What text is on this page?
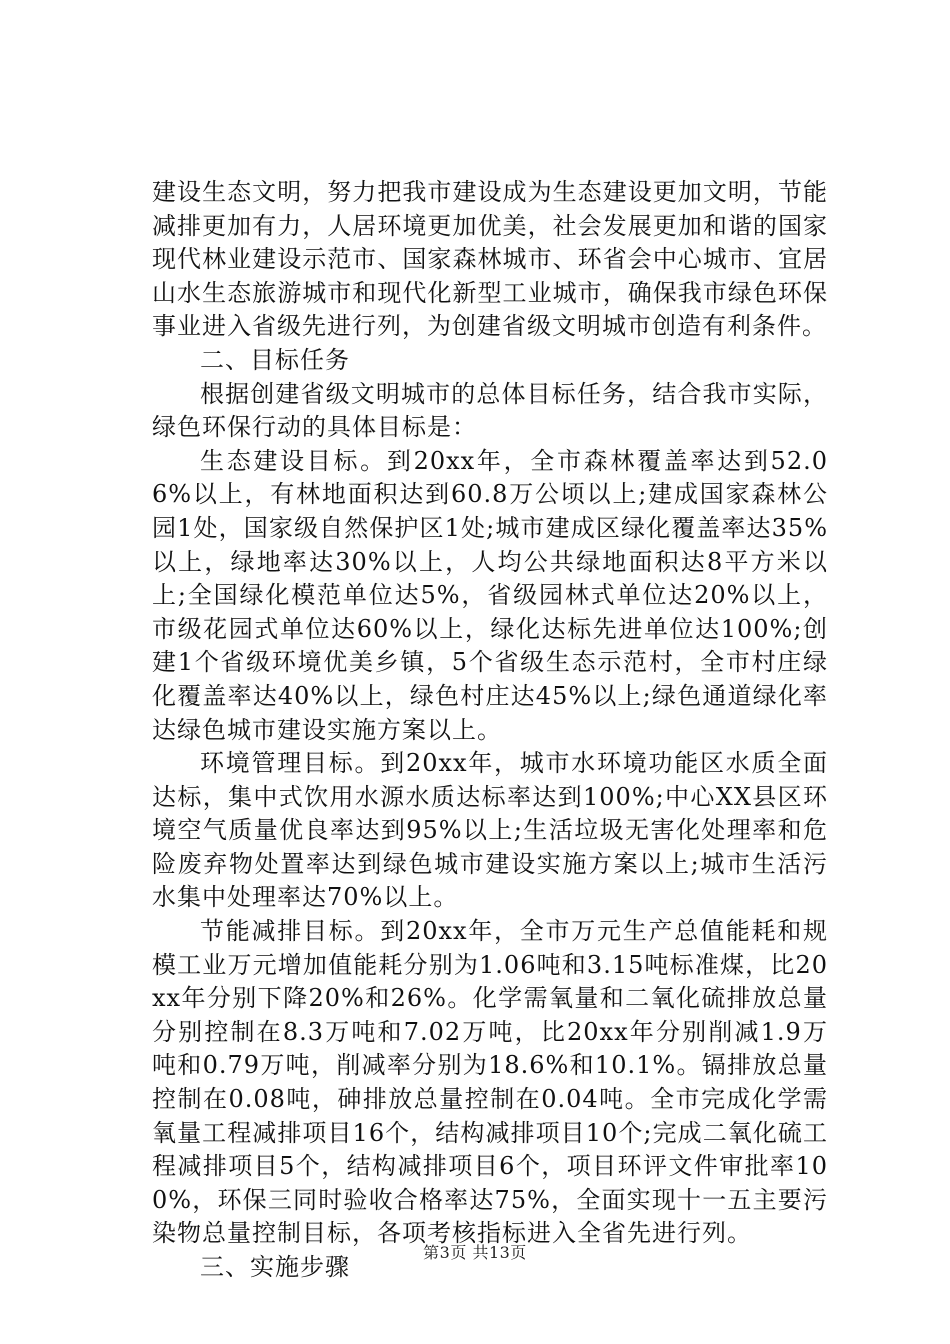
建设生态文明，努力把我市建设成为生态建设更加文明，节能减排更加有力，人居环境更加优美，社会发展更加和谐的国家现代林业建设示范市、国家森林城市、环省会中心城市、宜居山水生态旅游城市和现代化新型工业城市，确保我市绿色环保事业进入省级先进行列，为创建省级文明城市创造有利条件。

二、目标任务

根据创建省级文明城市的总体目标任务，结合我市实际，绿色环保行动的具体目标是：

生态建设目标。到20xx年，全市森林覆盖率达到52.06%以上，有林地面积达到60.8万公顷以上;建成国家森林公园1处，国家级自然保护区1处;城市建成区绿化覆盖率达35%以上，绿地率达30%以上，人均公共绿地面积达8平方米以上;全国绿化模范单位达5%，省级园林式单位达20%以上，市级花园式单位达60%以上，绿化达标先进单位达100%;创建1个省级环境优美乡镇，5个省级生态示范村，全市村庄绿化覆盖率达40%以上，绿色村庄达45%以上;绿色通道绿化率达绿色城市建设实施方案以上。

环境管理目标。到20xx年，城市水环境功能区水质全面达标，集中式饮用水源水质达标率达到100%;中心XX县区环境空气质量优良率达到95%以上;生活垃圾无害化处理率和危险废弃物处置率达到绿色城市建设实施方案以上;城市生活污水集中处理率达70%以上。

节能减排目标。到20xx年，全市万元生产总值能耗和规模工业万元增加值能耗分别为1.06吨和3.15吨标准煤，比20xx年分别下降20%和26%。化学需氧量和二氧化硫排放总量分别控制在8.3万吨和7.02万吨，比20xx年分别削减1.9万吨和0.79万吨，削减率分别为18.6%和10.1%。镉排放总量控制在0.08吨，砷排放总量控制在0.04吨。全市完成化学需氧量工程减排项目16个，结构减排项目10个;完成二氧化硫工程减排项目5个，结构减排项目6个，项目环评文件审批率100%，环保三同时验收合格率达75%，全面实现十一五主要污染物总量控制目标，各项考核指标进入全省先进行列。

三、实施步骤

第3页 共13页
